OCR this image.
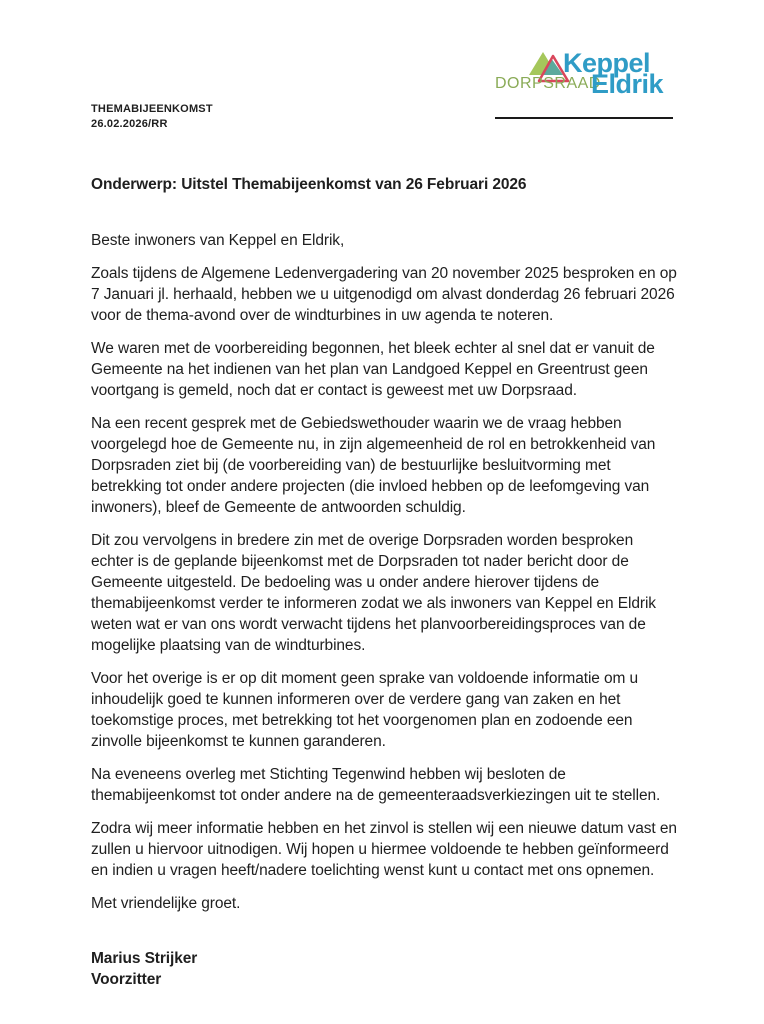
THEMABIJEENKOMST
26.02.2026/RR
Keppel
DORPSRAAD
Eldrik

Onderwerp: Uitstel Themabijeenkomst van 26 Februari 2026

Beste inwoners van Keppel en Eldrik,

Zoals tijdens de Algemene Ledenvergadering van 20 november 2025 besproken en op 7 Januari jl. herhaald, hebben we u uitgenodigd om alvast donderdag 26 februari 2026 voor de thema-avond over de windturbines in uw agenda te noteren.

We waren met de voorbereiding begonnen, het bleek echter al snel dat er vanuit de Gemeente na het indienen van het plan van Landgoed Keppel en Greentrust geen voortgang is gemeld, noch dat er contact is geweest met uw Dorpsraad.

Na een recent gesprek met de Gebiedswethouder waarin we de vraag hebben voorgelegd hoe de Gemeente nu, in zijn algemeenheid de rol en betrokkenheid van Dorpsraden ziet bij (de voorbereiding van) de bestuurlijke besluitvorming met betrekking tot onder andere projecten (die invloed hebben op de leefomgeving van inwoners), bleef de Gemeente de antwoorden schuldig.

Dit zou vervolgens in bredere zin met de overige Dorpsraden worden besproken echter is de geplande bijeenkomst met de Dorpsraden tot nader bericht door de Gemeente uitgesteld. De bedoeling was u onder andere hierover tijdens de themabijeenkomst verder te informeren zodat we als inwoners van Keppel en Eldrik weten wat er van ons wordt verwacht tijdens het planvoorbereidingsproces van de mogelijke plaatsing van de windturbines.

Voor het overige is er op dit moment geen sprake van voldoende informatie om u inhoudelijk goed te kunnen informeren over de verdere gang van zaken en het toekomstige proces, met betrekking tot het voorgenomen plan en zodoende een zinvolle bijeenkomst te kunnen garanderen.

Na eveneens overleg met Stichting Tegenwind hebben wij besloten de themabijeenkomst tot onder andere na de gemeenteraadsverkiezingen uit te stellen.

Zodra wij meer informatie hebben en het zinvol is stellen wij een nieuwe datum vast en zullen u hiervoor uitnodigen. Wij hopen u hiermee voldoende te hebben geïnformeerd en indien u vragen heeft/nadere toelichting wenst kunt u contact met ons opnemen.

Met vriendelijke groet.

Marius Strijker
Voorzitter
